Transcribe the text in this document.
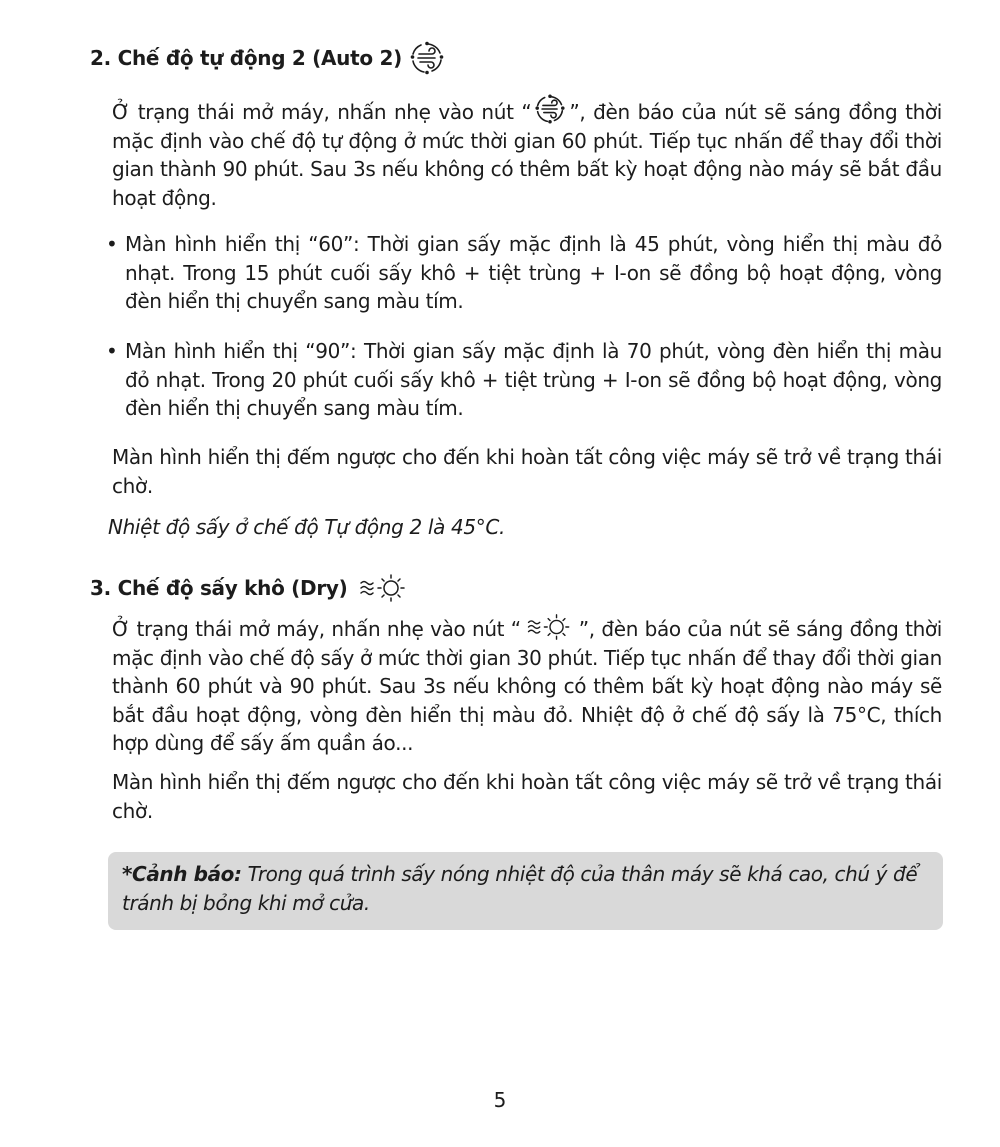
2. Chế độ tự động 2 (Auto 2)

Ở trạng thái mở máy, nhấn nhẹ vào nút “ ”, đèn báo của nút sẽ sáng đồng thời mặc định vào chế độ tự động ở mức thời gian 60 phút. Tiếp tục nhấn để thay đổi thời gian thành 90 phút. Sau 3s nếu không có thêm bất kỳ hoạt động nào máy sẽ bắt đầu hoạt động.

• Màn hình hiển thị “60”: Thời gian sấy mặc định là 45 phút, vòng hiển thị màu đỏ nhạt. Trong 15 phút cuối sấy khô + tiệt trùng + I-on sẽ đồng bộ hoạt động, vòng đèn hiển thị chuyển sang màu tím.

• Màn hình hiển thị “90”: Thời gian sấy mặc định là 70 phút, vòng đèn hiển thị màu đỏ nhạt. Trong 20 phút cuối sấy khô + tiệt trùng + I-on sẽ đồng bộ hoạt động, vòng đèn hiển thị chuyển sang màu tím.

Màn hình hiển thị đếm ngược cho đến khi hoàn tất công việc máy sẽ trở về trạng thái chờ.

Nhiệt độ sấy ở chế độ Tự động 2 là 45°C.

3. Chế độ sấy khô (Dry)

Ở trạng thái mở máy, nhấn nhẹ vào nút “	”, đèn báo của nút sẽ sáng đồng thời mặc định vào chế độ sấy ở mức thời gian 30 phút. Tiếp tục nhấn để thay đổi thời gian thành 60 phút và 90 phút. Sau 3s nếu không có thêm bất kỳ hoạt động nào máy sẽ bắt đầu hoạt động, vòng đèn hiển thị màu đỏ. Nhiệt độ ở chế độ sấy là 75°C, thích hợp dùng để sấy ấm quần áo...

Màn hình hiển thị đếm ngược cho đến khi hoàn tất công việc máy sẽ trở về trạng thái chờ.

*Cảnh báo: Trong quá trình sấy nóng nhiệt độ của thân máy sẽ khá cao, chú ý để tránh bị bỏng khi mở cửa.

5
